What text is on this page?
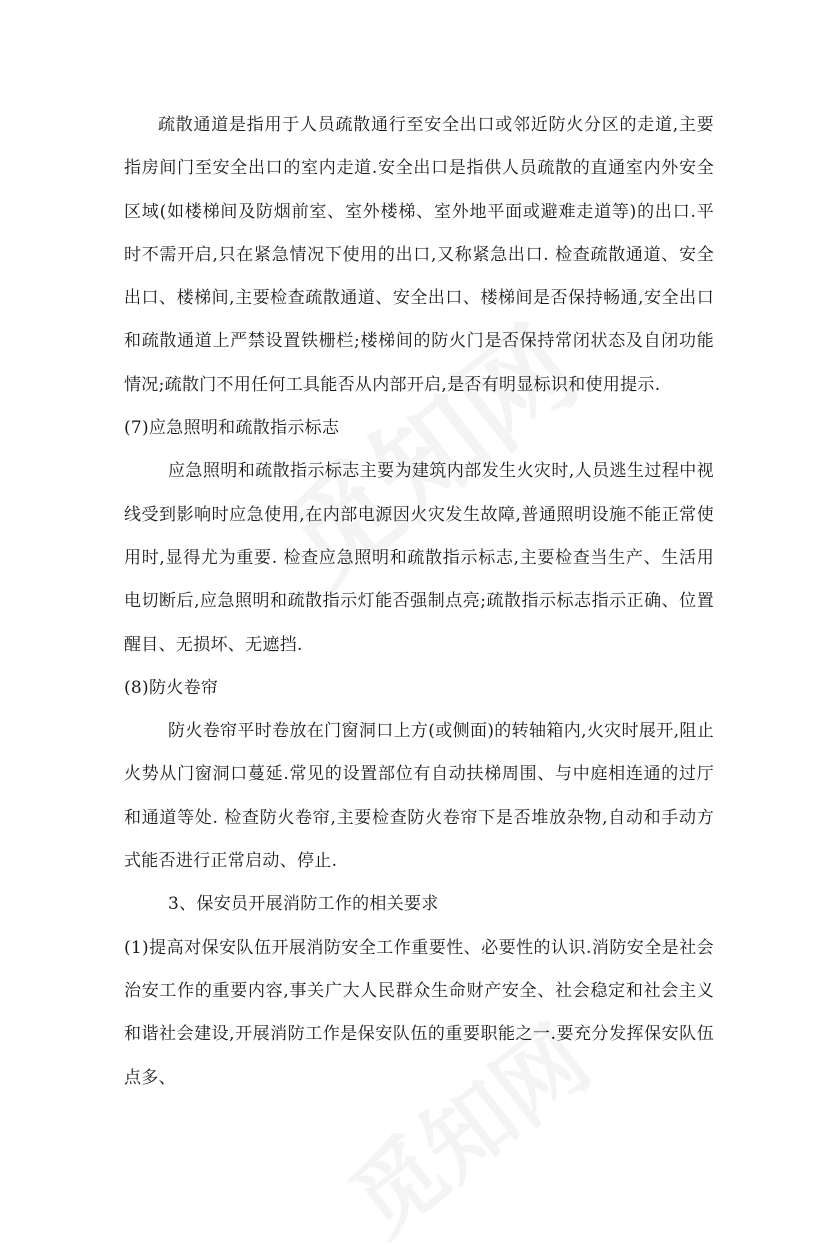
疏散通道是指用于人员疏散通行至安全出口或邻近防火分区的走道,主要指房间门至安全出口的室内走道.安全出口是指供人员疏散的直通室内外安全区域(如楼梯间及防烟前室、室外楼梯、室外地平面或避难走道等)的出口.平时不需开启,只在紧急情况下使用的出口,又称紧急出口. 检查疏散通道、安全出口、楼梯间,主要检查疏散通道、安全出口、楼梯间是否保持畅通,安全出口和疏散通道上严禁设置铁栅栏;楼梯间的防火门是否保持常闭状态及自闭功能情况;疏散门不用任何工具能否从内部开启,是否有明显标识和使用提示.

(7)应急照明和疏散指示标志

应急照明和疏散指示标志主要为建筑内部发生火灾时,人员逃生过程中视线受到影响时应急使用,在内部电源因火灾发生故障,普通照明设施不能正常使用时,显得尤为重要. 检查应急照明和疏散指示标志,主要检查当生产、生活用电切断后,应急照明和疏散指示灯能否强制点亮;疏散指示标志指示正确、位置醒目、无损坏、无遮挡.

(8)防火卷帘

防火卷帘平时卷放在门窗洞口上方(或侧面)的转轴箱内,火灾时展开,阻止火势从门窗洞口蔓延.常见的设置部位有自动扶梯周围、与中庭相连通的过厅和通道等处. 检查防火卷帘,主要检查防火卷帘下是否堆放杂物,自动和手动方式能否进行正常启动、停止.

3、保安员开展消防工作的相关要求

(1)提高对保安队伍开展消防安全工作重要性、必要性的认识.消防安全是社会治安工作的重要内容,事关广大人民群众生命财产安全、社会稳定和社会主义和谐社会建设,开展消防工作是保安队伍的重要职能之一.要充分发挥保安队伍点多、
